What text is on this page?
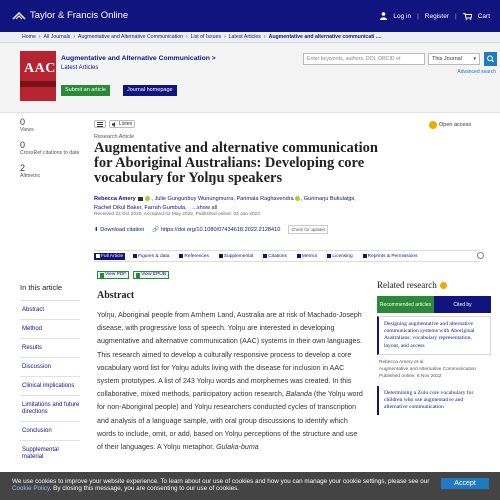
Taylor & Francis Online	Log in | Register |	Cart
Home › All Journals › Augmentative and Alternative Communication › List of Issues › Latest Articles › Augmentative and alternative communicati ....
AAC
Augmentative and Alternative Communication >
Latest Articles
Submit an article	Journal homepage
Enter keywords, authors, DOI, ORCID et	This Journal ▾
Advanced search
0
Views
0
CrossRef citations to date
2
Altmetric
Listen	Open access
Research Article
Augmentative and alternative communication for Aboriginal Australians: Developing core vocabulary for Yolŋu speakers
Rebecca Amery	, Julie Gungunbuy Wunungmurra, Parimala Raghavendra , Gurimaŋu Bukulatjpi,
Rachel Dikul Baker, Farrah Gumbula, ...show all
Received 23 Oct 2020, Accepted 02 May 2022, Published online: 04 Jan 2023
⬇ Download citation 🔗 https://doi.org/10.1080/07434618.2022.2128410	Check for updates
Full Article	Figures & data	References	Supplemental	Citations	Metrics	Licensing	Reprints & Permissions
View PDF	View EPUB
In this article
Abstract
Method
Results
Discussion
Clinical implications
Limitations and future directions
Conclusion
Supplemental material
Abstract

Yolŋu, Aboriginal people from Arnhem Land, Australia are at risk of Machado-Joseph disease, with progressive loss of speech. Yolŋu are interested in developing augmentative and alternative communication (AAC) systems in their own languages. This research aimed to develop a culturally responsive process to develop a core vocabulary word list for Yolŋu adults living with the disease for inclusion in AAC system prototypes. A list of 243 Yolŋu words and morphemes was created. In this collaborative, mixed methods, participatory action research, Balanda (the Yolŋu word for non-Aboriginal people) and Yolŋu researchers conducted cycles of transcription and analysis of a language sample, with oral group discussions to identify which words to include, omit, or add, based on Yolŋu perceptions of the structure and use of their languages. A Yolŋu metaphor, Gulaka-buma

Related research
Recommended articles	Cited by
Designing augmentative and alternative communication systems with Aboriginal Australians: vocabulary representation, layout, and access
Rebecca Amery et al.
Augmentative and Alternative Communication
Published online: 8 Nov 2022
Determining a Zulu core vocabulary for children who use augmentative and alternative communication

We use cookies to improve your website experience. To learn about our use of cookies and how you can manage your cookie settings, please see our Cookie Policy. By closing this message, you are consenting to our use of cookies.

Accept
